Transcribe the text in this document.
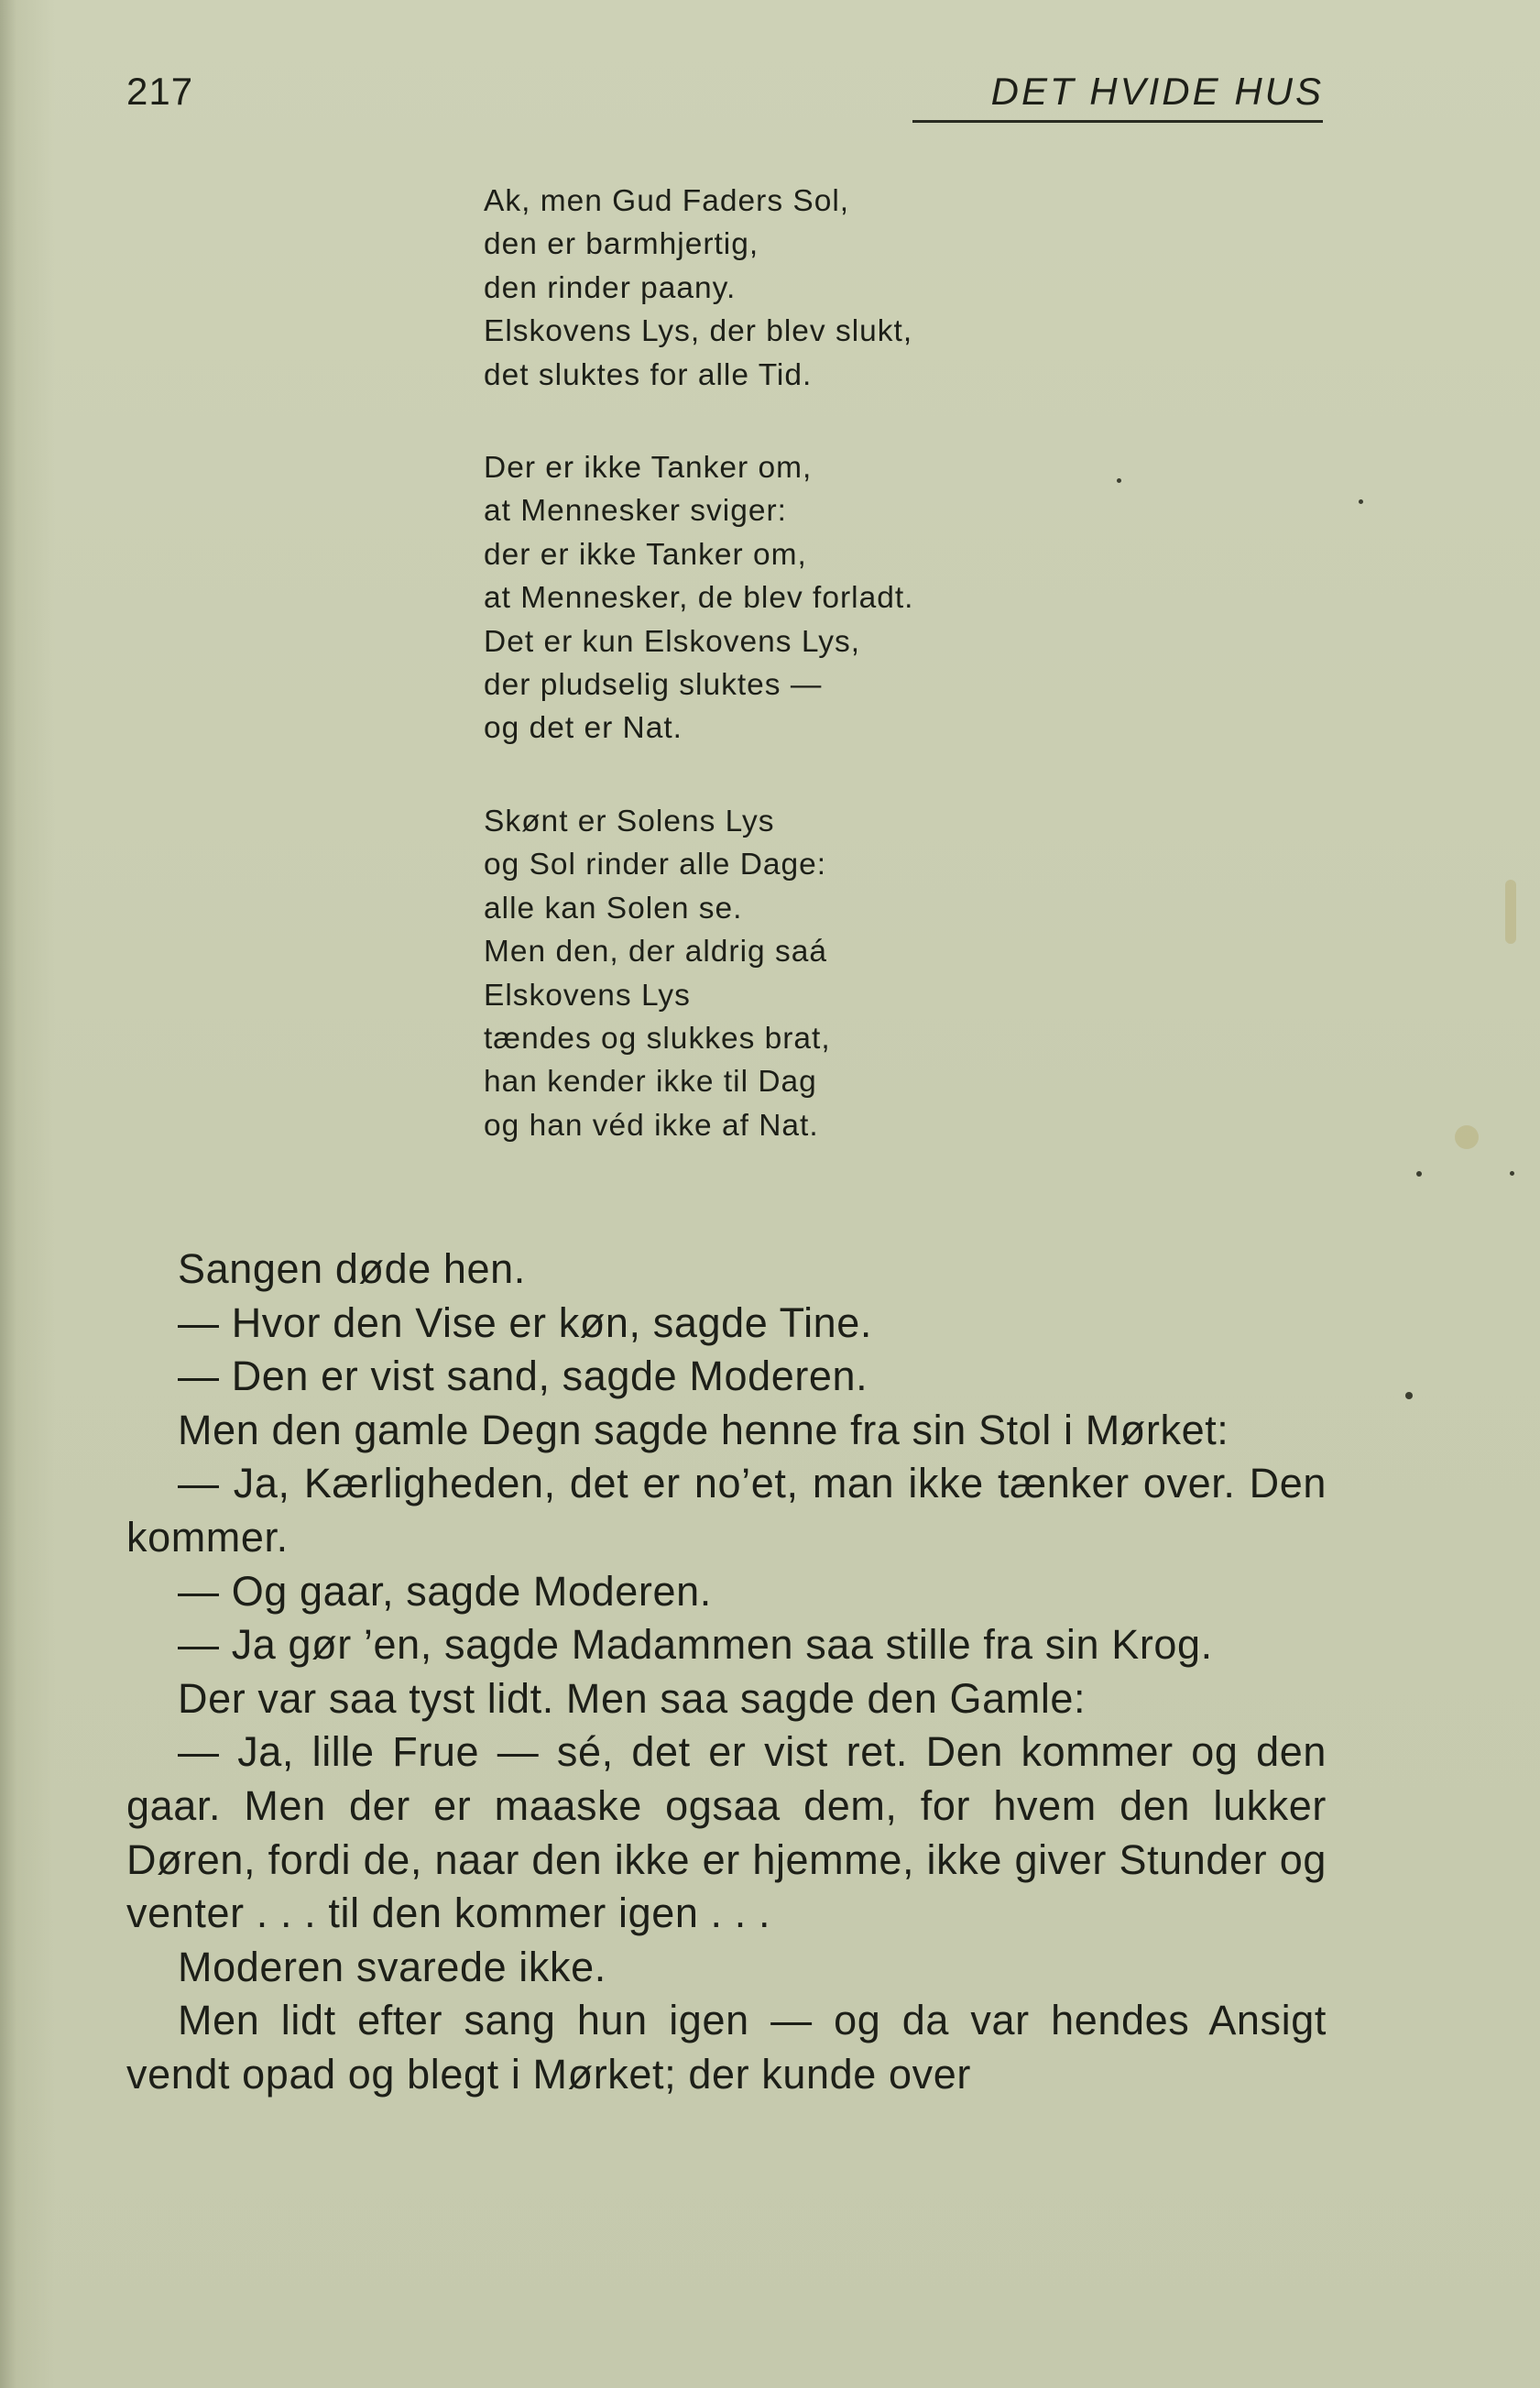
217	DET HVIDE HUS
Ak, men Gud Faders Sol,
den er barmhjertig,
den rinder paany.
Elskovens Lys, der blev slukt,
det sluktes for alle Tid.
Der er ikke Tanker om,
at Mennesker sviger:
der er ikke Tanker om,
at Mennesker, de blev forladt.
Det er kun Elskovens Lys,
der pludselig sluktes —
og det er Nat.
Skønt er Solens Lys
og Sol rinder alle Dage:
alle kan Solen se.
Men den, der aldrig saá
Elskovens Lys
tændes og slukkes brat,
han kender ikke til Dag
og han véd ikke af Nat.

Sangen døde hen.

— Hvor den Vise er køn, sagde Tine.

— Den er vist sand, sagde Moderen.

Men den gamle Degn sagde henne fra sin Stol i Mørket:

— Ja, Kærligheden, det er no’et, man ikke tænker over. Den kommer.

— Og gaar, sagde Moderen.

— Ja gør ’en, sagde Madammen saa stille fra sin Krog.

Der var saa tyst lidt. Men saa sagde den Gamle:

— Ja, lille Frue — sé, det er vist ret. Den kommer og den gaar. Men der er maaske ogsaa dem, for hvem den lukker Døren, fordi de, naar den ikke er hjemme, ikke giver Stunder og venter . . . til den kommer igen . . .

Moderen svarede ikke.

Men lidt efter sang hun igen — og da var hendes Ansigt vendt opad og blegt i Mørket; der kunde over
